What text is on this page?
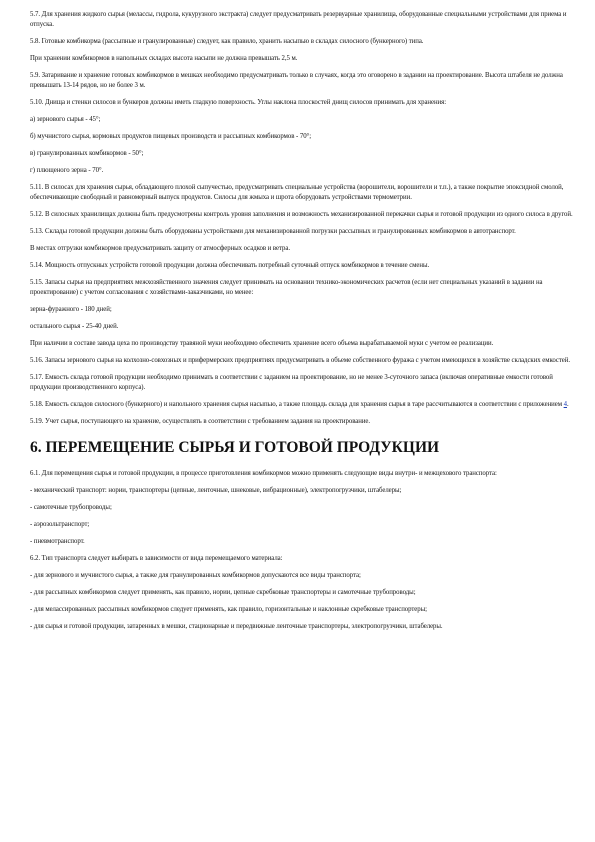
5.7. Для хранения жидкого сырья (мелассы, гидрола, кукурузного экстракта) следует предусматривать резервуарные хранилища, оборудованные специальными устройствами для приема и отпуска.

5.8. Готовые комбикорма (рассыпные и гранулированные) следует, как правило, хранить насыпью в складах силосного (бункерного) типа.

При хранении комбикормов в напольных складах высота насыпи не должна превышать 2,5 м.

5.9. Затаривание и хранение готовых комбикормов в мешках необходимо предусматривать только в случаях, когда это оговорено в задании на проектирование. Высота штабеля не должна превышать 13-14 рядов, но не более 3 м.

5.10. Днища и стенки силосов и бункеров должны иметь гладкую поверхность. Углы наклона плоскостей днищ силосов принимать для хранения:

а) зернового сырья - 45°;

б) мучнистого сырья, кормовых продуктов пищевых производств и рассыпных комбикормов - 70°;

в) гранулированных комбикормов - 50°;

г) плющеного зерна - 70°.

5.11. В силосах для хранения сырья, обладающего плохой сыпучестью, предусматривать специальные устройства (ворошители, ворошители и т.п.), а также покрытие эпоксидной смолой, обеспечивающие свободный и равномерный выпуск продуктов. Силосы для жмыха и шрота оборудовать устройствами термометрии.

5.12. В силосных хранилищах должны быть предусмотрены контроль уровня заполнения и возможность механизированной перекачки сырья и готовой продукции из одного силоса в другой.

5.13. Склады готовой продукции должны быть оборудованы устройствами для механизированной погрузки рассыпных и гранулированных комбикормов в автотранспорт.

В местах отгрузки комбикормов предусматривать защиту от атмосферных осадков и ветра.

5.14. Мощность отпускных устройств готовой продукции должна обеспечивать потребный суточный отпуск комбикормов в течение смены.

5.15. Запасы сырья на предприятиях межхозяйственного значения следует принимать на основании технико-экономических расчетов (если нет специальных указаний в задании на проектирование) с учетом согласования с хозяйствами-заказчиками, но менее:

зерна-фуражного - 180 дней;

остального сырья - 25-40 дней.

При наличии в составе завода цеха по производству травяной муки необходимо обеспечить хранение всего объема вырабатываемой муки с учетом ее реализации.

5.16. Запасы зернового сырья на колхозно-совхозных и прифермерских предприятиях предусматривать в объеме собственного фуража с учетом имеющихся в хозяйстве складских емкостей.

5.17. Емкость склада готовой продукции необходимо принимать в соответствии с заданием на проектирование, но не менее 3-суточного запаса (включая оперативные емкости готовой продукции производственного корпуса).

5.18. Емкость складов силосного (бункерного) и напольного хранения сырья насыпью, а также площадь склада для хранения сырья в таре рассчитываются в соответствии с приложением 4.

5.19. Учет сырья, поступающего на хранение, осуществлять в соответствии с требованием задания на проектирование.

6. ПЕРЕМЕЩЕНИЕ СЫРЬЯ И ГОТОВОЙ ПРОДУКЦИИ

6.1. Для перемещения сырья и готовой продукции, в процессе приготовления комбикормов можно применять следующие виды внутри- и межцехового транспорта:

- механический транспорт: нории, транспортеры (цепные, ленточные, шнековые, вибрационные), электропогрузчики, штабелеры;

- самотечные трубопроводы;

- аэрозольтранспорт;

- пневмотранспорт.

6.2. Тип транспорта следует выбирать в зависимости от вида перемещаемого материала:

- для зернового и мучнистого сырья, а также для гранулированных комбикормов допускаются все виды транспорта;

- для рассыпных комбикормов следует применять, как правило, нории, цепные скребковые транспортеры и самотечные трубопроводы;

- для мелассированных рассыпных комбикормов следует применять, как правило, горизонтальные и наклонные скребковые транспортеры;

- для сырья и готовой продукции, затаренных в мешки, стационарные и передвижные ленточные транспортеры, электропогрузчики, штабелеры.
